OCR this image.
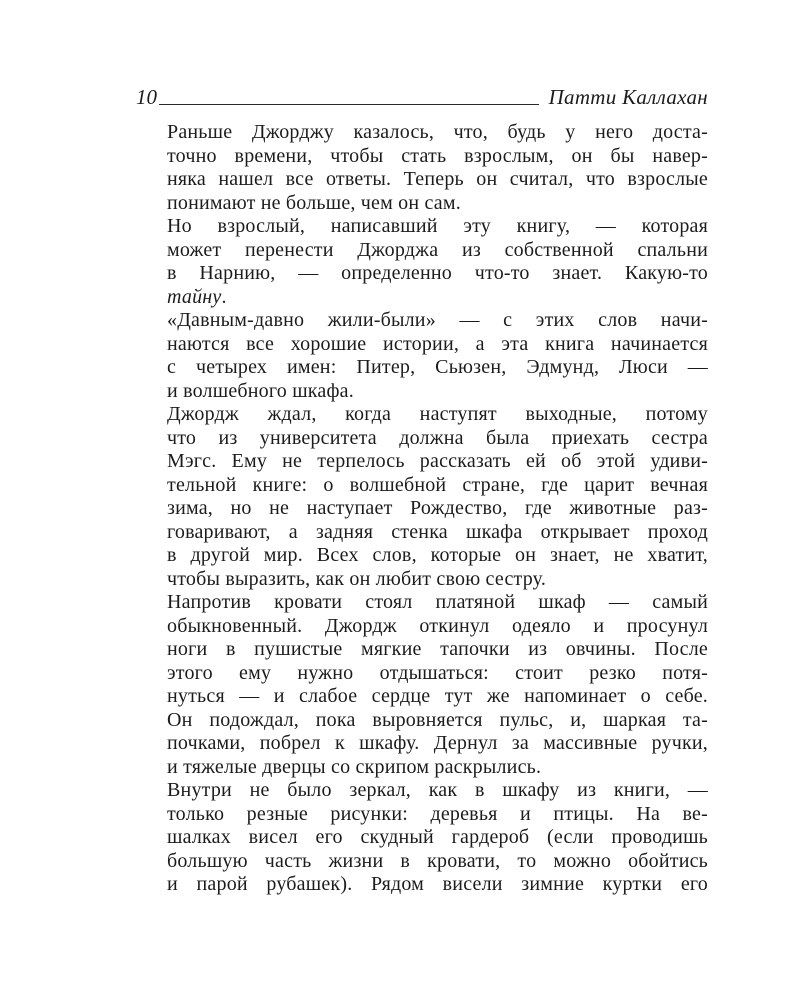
10	Патти Каллахан

Раньше Джорджу казалось, что, будь у него доста-
точно времени, чтобы стать взрослым, он бы навер-
няка нашел все ответы. Теперь он считал, что взрослые
понимают не больше, чем он сам.

Но взрослый, написавший эту книгу, — которая
может перенести Джорджа из собственной спальни
в Нарнию, — определенно что-то знает. Какую-то
тайну.

«Давным-давно жили-были» — с этих слов начи-
наются все хорошие истории, а эта книга начинается
с четырех имен: Питер, Сьюзен, Эдмунд, Люси —
и волшебного шкафа.

Джордж ждал, когда наступят выходные, потому
что из университета должна была приехать сестра
Мэгс. Ему не терпелось рассказать ей об этой удиви-
тельной книге: о волшебной стране, где царит вечная
зима, но не наступает Рождество, где животные раз-
говаривают, а задняя стенка шкафа открывает проход
в другой мир. Всех слов, которые он знает, не хватит,
чтобы выразить, как он любит свою сестру.

Напротив кровати стоял платяной шкаф — самый
обыкновенный. Джордж откинул одеяло и просунул
ноги в пушистые мягкие тапочки из овчины. После
этого ему нужно отдышаться: стоит резко потя-
нуться — и слабое сердце тут же напоминает о себе.
Он подождал, пока выровняется пульс, и, шаркая та-
почками, побрел к шкафу. Дернул за массивные ручки,
и тяжелые дверцы со скрипом раскрылись.

Внутри не было зеркал, как в шкафу из книги, —
только резные рисунки: деревья и птицы. На ве-
шалках висел его скудный гардероб (если проводишь
большую часть жизни в кровати, то можно обойтись
и парой рубашек). Рядом висели зимние куртки его
